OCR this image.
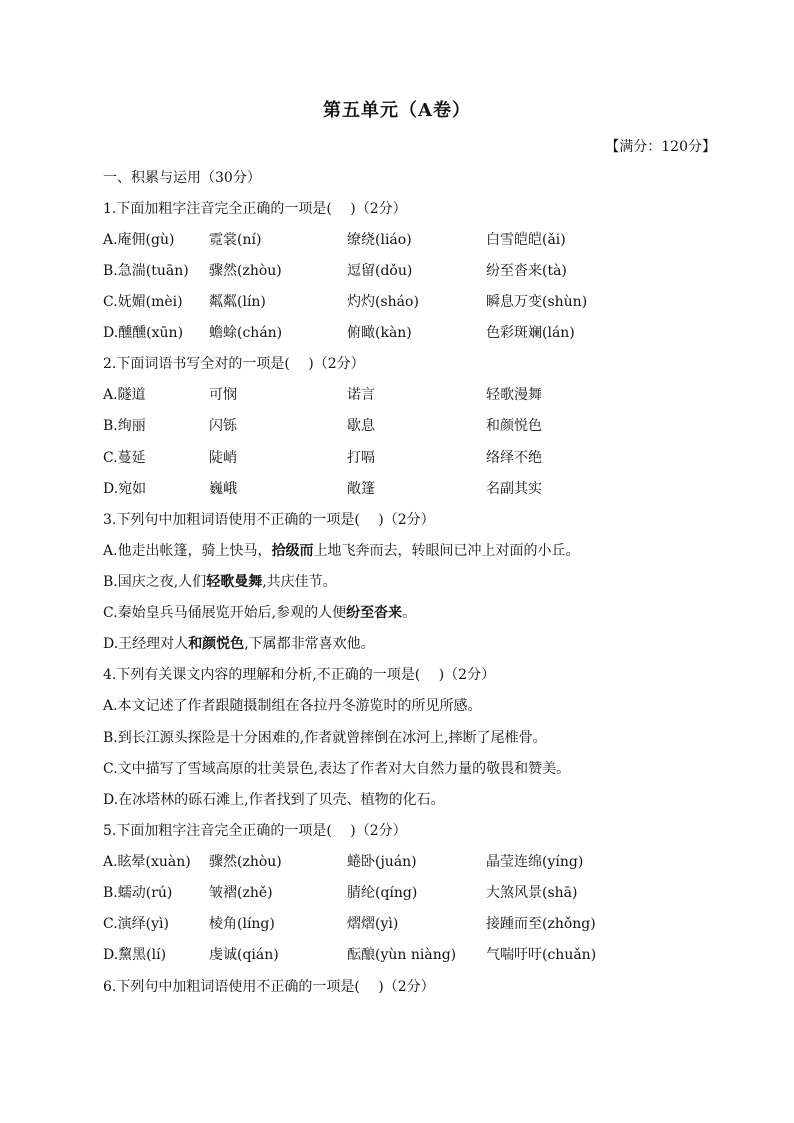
第五单元（A卷）
【满分：120分】
一、积累与运用（30分）
1.下面加粗字注音完全正确的一项是(　 )（2分）
A.庵佣(gù) 霓裳(ní)	缭绕(liáo)	白雪皑皑(ǎi)
B.急湍(tuān) 骤然(zhòu)	逗留(dǒu)	纷至沓来(tà)
C.妩媚(mèi) 粼粼(lín)	灼灼(sháo)	瞬息万变(shùn)
D.醺醺(xūn) 蟾蜍(chán)	俯瞰(kàn)	色彩斑斓(lán)
2.下面词语书写全对的一项是(　 )（2分）
A.隧道	可悯	诺言	轻歌漫舞
B.绚丽	闪铄	歇息	和颜悦色
C.蔓延	陡峭	打嗝	络绎不绝
D.宛如	巍峨	敞篷	名副其实
3.下列句中加粗词语使用不正确的一项是(　 )（2分）
A.他走出帐篷，骑上快马，拾级而上地飞奔而去，转眼间已冲上对面的小丘。
B.国庆之夜,人们轻歌曼舞,共庆佳节。
C.秦始皇兵马俑展览开始后,参观的人便纷至沓来。
D.王经理对人和颜悦色,下属都非常喜欢他。
4.下列有关课文内容的理解和分析,不正确的一项是(　 )（2分）
A.本文记述了作者跟随摄制组在各拉丹冬游览时的所见所感。
B.到长江源头探险是十分困难的,作者就曾摔倒在冰河上,摔断了尾椎骨。
C.文中描写了雪域高原的壮美景色,表达了作者对大自然力量的敬畏和赞美。
D.在冰塔林的砾石滩上,作者找到了贝壳、植物的化石。
5.下面加粗字注音完全正确的一项是(　 )（2分）
A.眩晕(xuàn) 骤然(zhòu)	蜷卧(juán)	晶莹连绵(yíng)
B.蠕动(rú)	皱褶(zhě)	腈纶(qíng)	大煞风景(shā)
C.演绎(yì)	棱角(líng)	熠熠(yì)	接踵而至(zhǒng)
D.黧黑(lí)	虔诚(qián)	酝酿(yùn niàng) 气喘吁吁(chuǎn)
6.下列句中加粗词语使用不正确的一项是(　 )（2分）
